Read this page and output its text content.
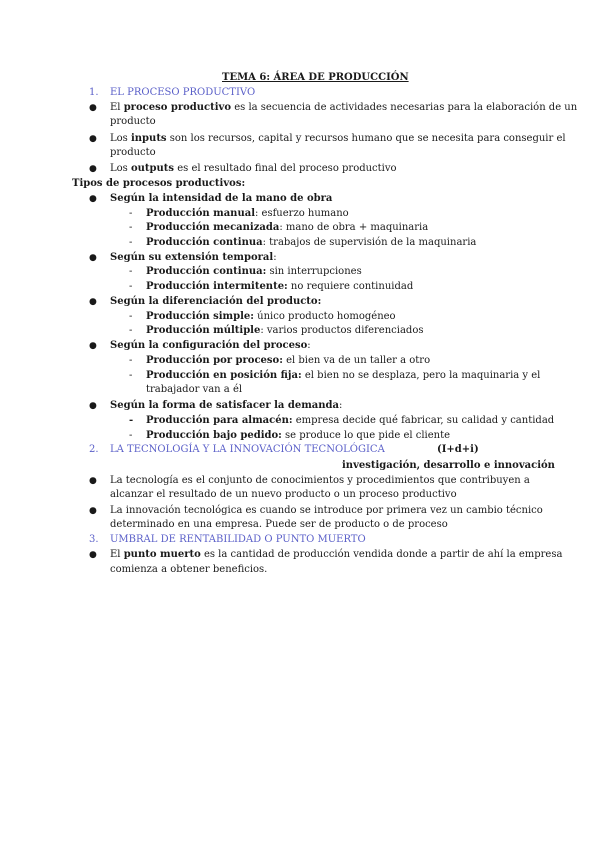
TEMA 6: ÁREA DE PRODUCCIÓN
1. EL PROCESO PRODUCTIVO
● El proceso productivo es la secuencia de actividades necesarias para la elaboración de un
producto
● Los inputs son los recursos, capital y recursos humano que se necesita para conseguir el
producto
● Los outputs es el resultado final del proceso productivo
Tipos de procesos productivos:
● Según la intensidad de la mano de obra
- Producción manual: esfuerzo humano
- Producción mecanizada: mano de obra + maquinaria
- Producción continua: trabajos de supervisión de la maquinaria
● Según su extensión temporal:
- Producción continua: sin interrupciones
- Producción intermitente: no requiere continuidad
● Según la diferenciación del producto:
- Producción simple: único producto homogéneo
- Producción múltiple: varios productos diferenciados
● Según la configuración del proceso:
- Producción por proceso: el bien va de un taller a otro
- Producción en posición fija: el bien no se desplaza, pero la maquinaria y el
trabajador van a él
● Según la forma de satisfacer la demanda:
- Producción para almacén: empresa decide qué fabricar, su calidad y cantidad
- Producción bajo pedido: se produce lo que pide el cliente
2. LA TECNOLOGÍA Y LA INNOVACIÓN TECNOLÓGICA	(I+d+i)
investigación, desarrollo e innovación
● La tecnología es el conjunto de conocimientos y procedimientos que contribuyen a
alcanzar el resultado de un nuevo producto o un proceso productivo
● La innovación tecnológica es cuando se introduce por primera vez un cambio técnico
determinado en una empresa. Puede ser de producto o de proceso
3. UMBRAL DE RENTABILIDAD O PUNTO MUERTO
● El punto muerto es la cantidad de producción vendida donde a partir de ahí la empresa
comienza a obtener beneficios.
